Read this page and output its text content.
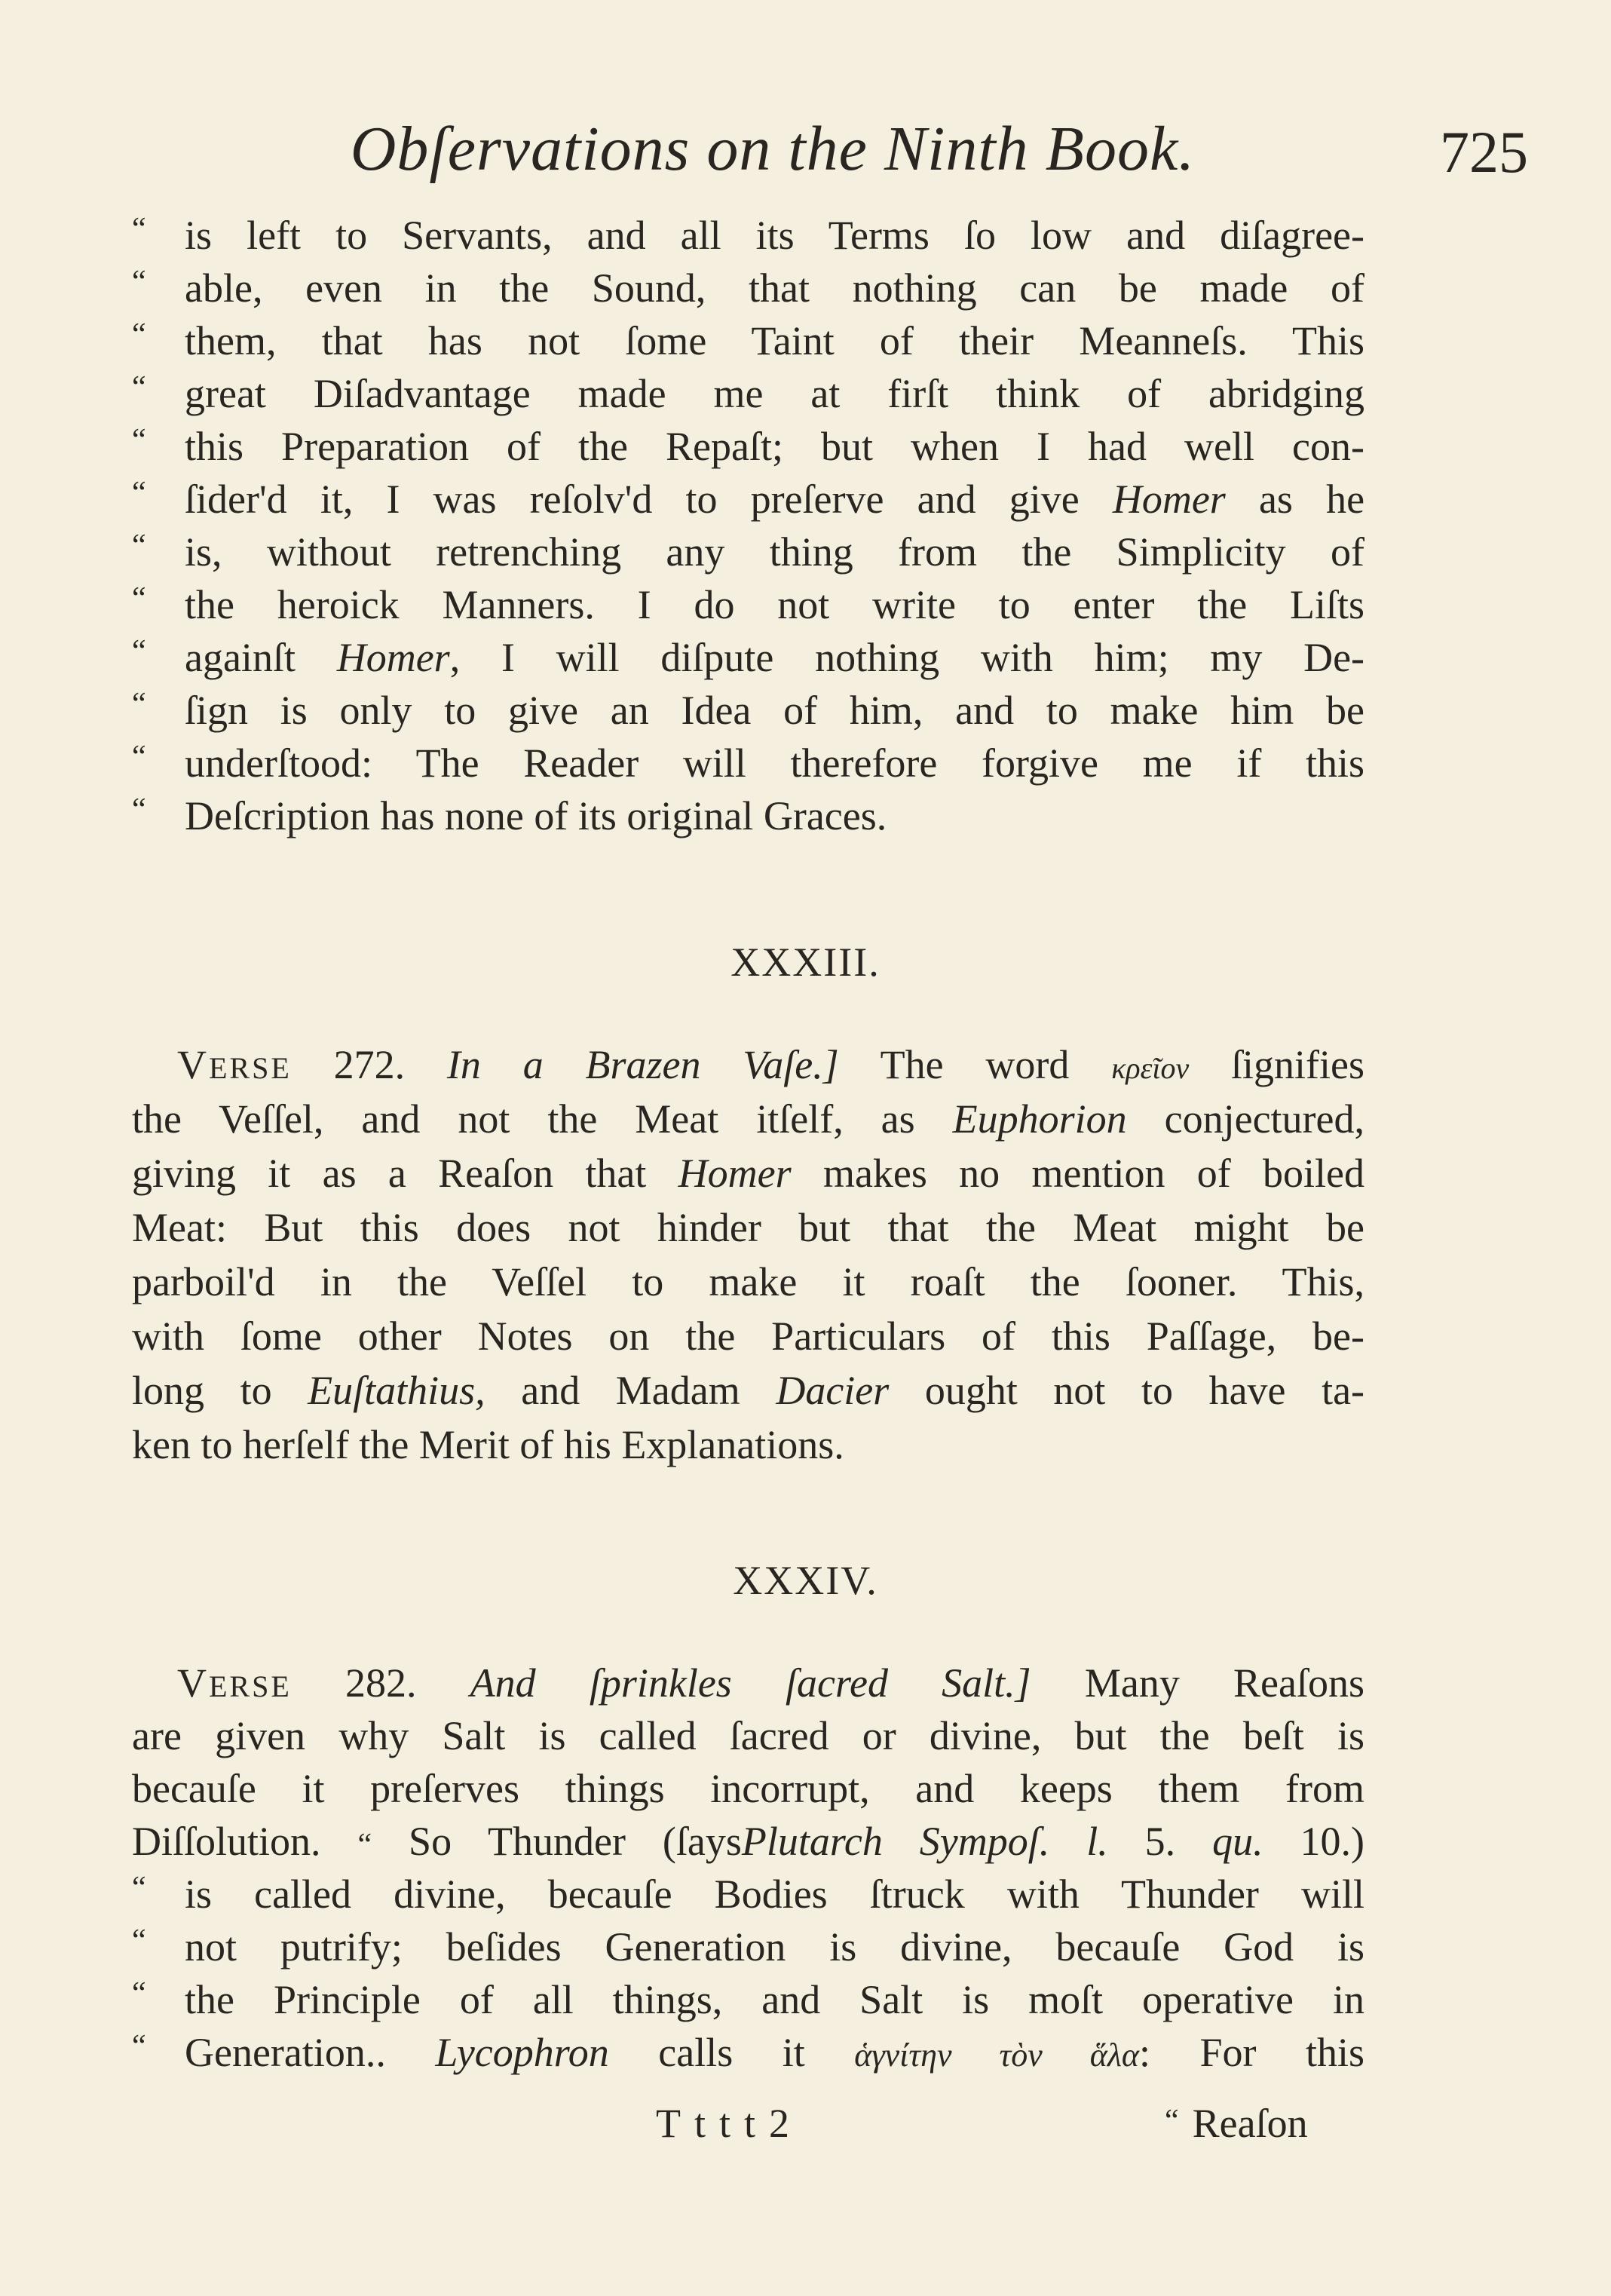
Obſervations on the Ninth Book.	725
“ is left to Servants, and all its Terms ſo low and diſagree-
“ able, even in the Sound, that nothing can be made of
“ them, that has not ſome Taint of their Meanneſs. This
“ great Diſadvantage made me at firſt think of abridging
“ this Preparation of the Repaſt; but when I had well con-
“ ſider'd it, I was reſolv'd to preſerve and give Homer as he
“ is, without retrenching any thing from the Simplicity of
“ the heroick Manners. I do not write to enter the Liſts
“ againſt Homer, I will diſpute nothing with him; my De-
“ ſign is only to give an Idea of him, and to make him be
“ underſtood: The Reader will therefore forgive me if this
“ Deſcription has none of its original Graces.
XXXIII.
VERSE 272. In a Brazen Vaſe.] The word κρεῖον ſignifies
the Veſſel, and not the Meat itſelf, as Euphorion conjectured,
giving it as a Reaſon that Homer makes no mention of boiled
Meat: But this does not hinder but that the Meat might be
parboil'd in the Veſſel to make it roaſt the ſooner. This,
with ſome other Notes on the Particulars of this Paſſage, be-
long to Euſtathius, and Madam Dacier ought not to have ta-
ken to herſelf the Merit of his Explanations.
XXXIV.
VERSE 282. And ſprinkles ſacred Salt.] Many Reaſons
are given why Salt is called ſacred or divine, but the beſt is
becauſe it preſerves things incorrupt, and keeps them from
Diſſolution. “ So Thunder (ſaysPlutarch Sympoſ. l. 5. qu. 10.)
“ is called divine, becauſe Bodies ſtruck with Thunder will
“ not putrify; beſides Generation is divine, becauſe God is
“ the Principle of all things, and Salt is moſt operative in
“ Generation.. Lycophron calls it ἁγνίτην τὸν ἅλα: For this
Tttt2	“ Reaſon
